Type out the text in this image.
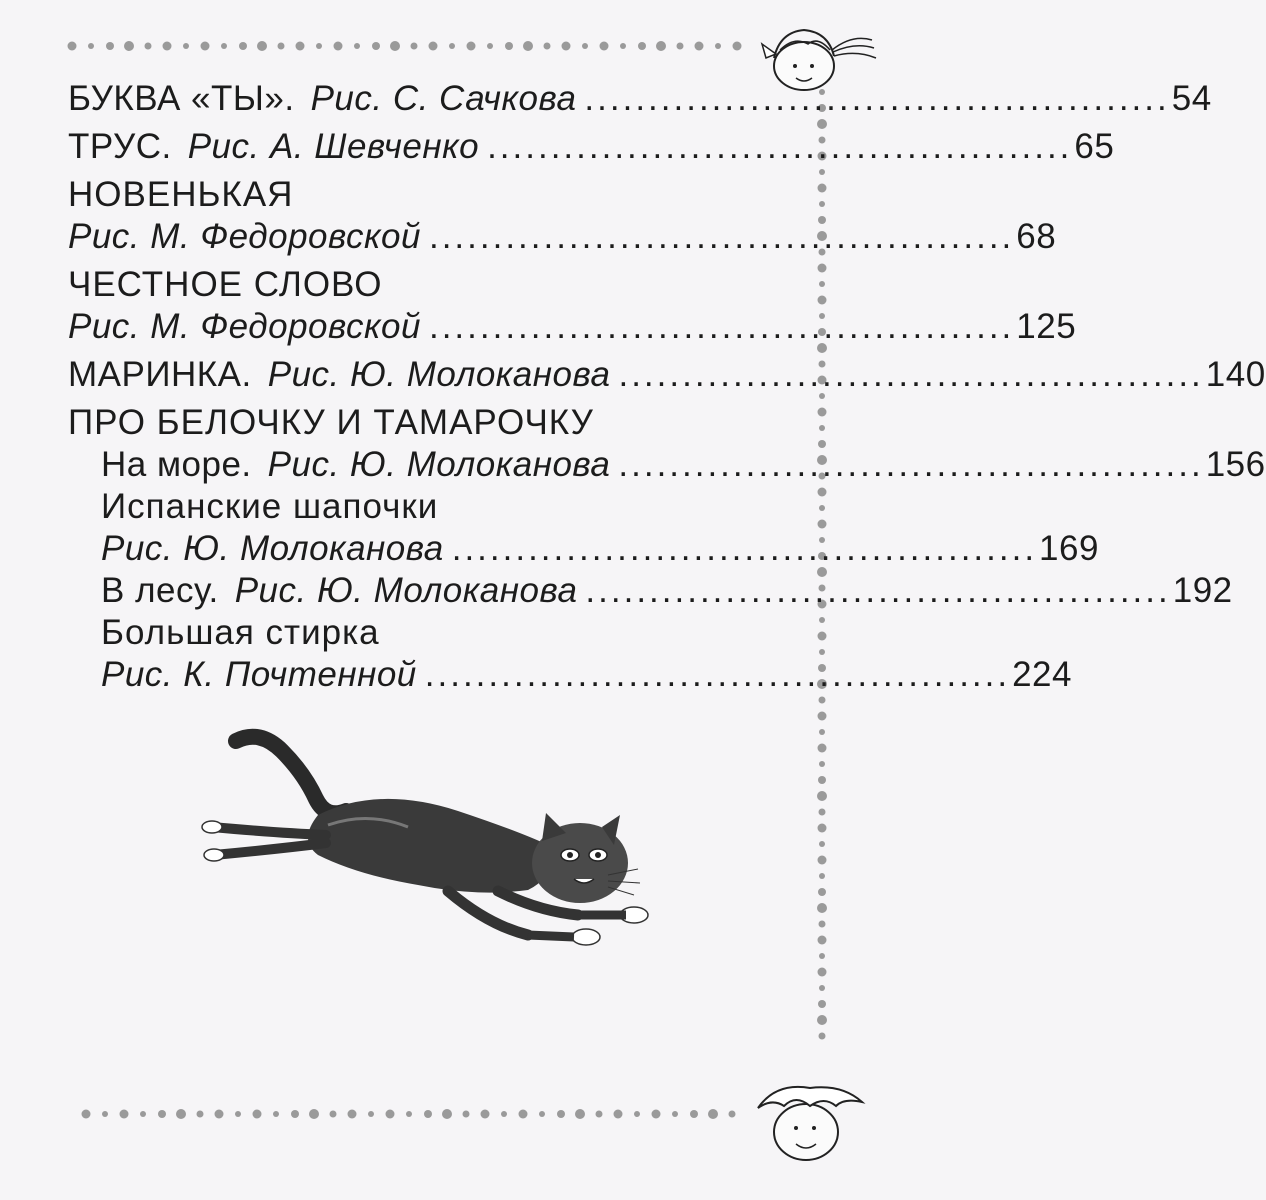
БУКВА «ТЫ». Рис. С. Сачкова .............................................. 54
ТРУС. Рис. А. Шевченко .............................................. 65
НОВЕНЬКАЯ
Рис. М. Федоровской .............................................. 68
ЧЕСТНОЕ СЛОВО
Рис. М. Федоровской .............................................. 125
МАРИНКА. Рис. Ю. Молоканова .............................................. 140
ПРО БЕЛОЧКУ И ТАМАРОЧКУ
На море. Рис. Ю. Молоканова .............................................. 156
Испанские шапочки
Рис. Ю. Молоканова .............................................. 169
В лесу. Рис. Ю. Молоканова .............................................. 192
Большая стирка
Рис. К. Почтенной .............................................. 224
